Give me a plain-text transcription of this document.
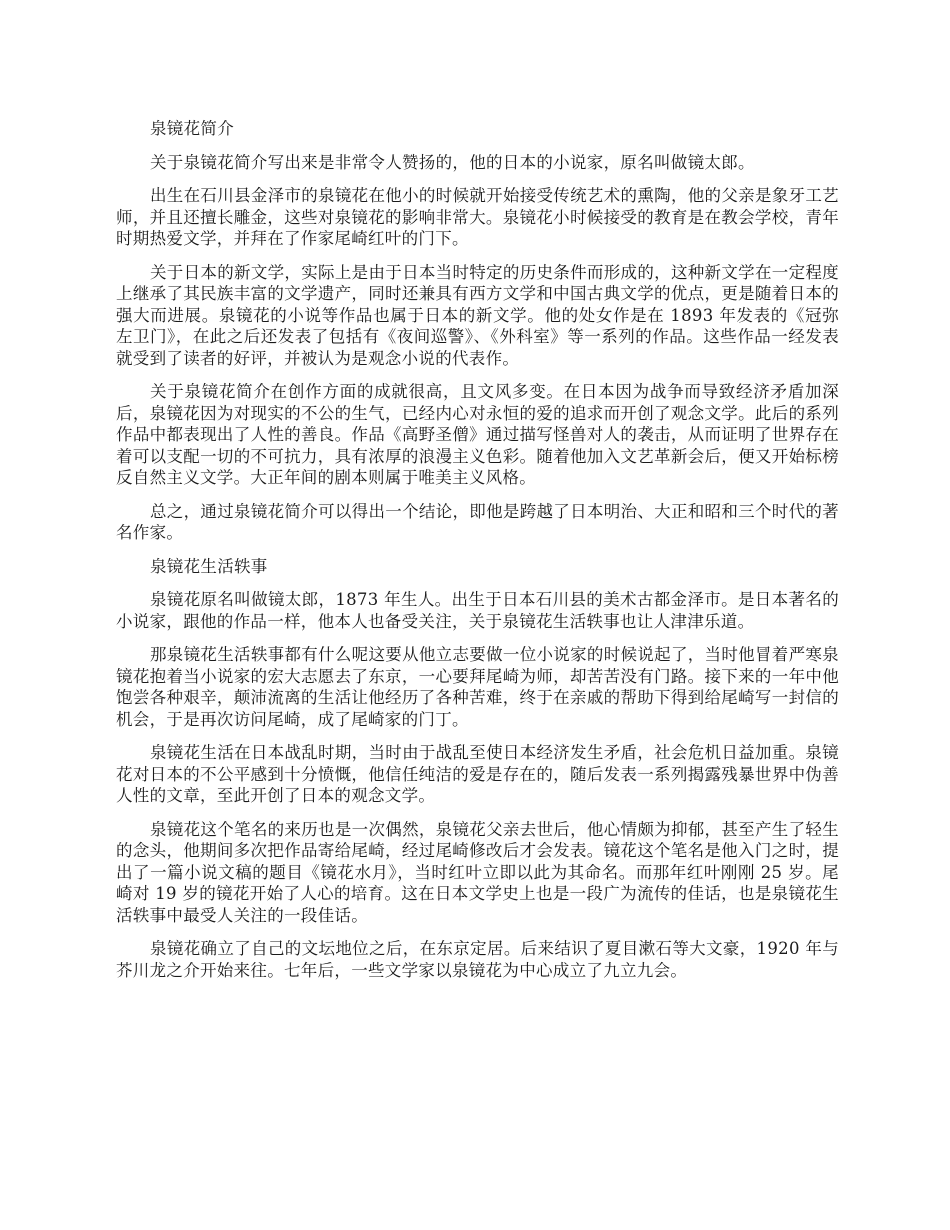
泉镜花简介

关于泉镜花简介写出来是非常令人赞扬的，他的日本的小说家，原名叫做镜太郎。

出生在石川县金泽市的泉镜花在他小的时候就开始接受传统艺术的熏陶，他的父亲是象牙工艺师，并且还擅长雕金，这些对泉镜花的影响非常大。泉镜花小时候接受的教育是在教会学校，青年时期热爱文学，并拜在了作家尾崎红叶的门下。

关于日本的新文学，实际上是由于日本当时特定的历史条件而形成的，这种新文学在一定程度上继承了其民族丰富的文学遗产，同时还兼具有西方文学和中国古典文学的优点，更是随着日本的强大而进展。泉镜花的小说等作品也属于日本的新文学。他的处女作是在 1893 年发表的《冠弥左卫门》，在此之后还发表了包括有《夜间巡警》、《外科室》等一系列的作品。这些作品一经发表就受到了读者的好评，并被认为是观念小说的代表作。

关于泉镜花简介在创作方面的成就很高，且文风多变。在日本因为战争而导致经济矛盾加深后，泉镜花因为对现实的不公的生气，已经内心对永恒的爱的追求而开创了观念文学。此后的系列作品中都表现出了人性的善良。作品《高野圣僧》通过描写怪兽对人的袭击，从而证明了世界存在着可以支配一切的不可抗力，具有浓厚的浪漫主义色彩。随着他加入文艺革新会后，便又开始标榜反自然主义文学。大正年间的剧本则属于唯美主义风格。

总之，通过泉镜花简介可以得出一个结论，即他是跨越了日本明治、大正和昭和三个时代的著名作家。

泉镜花生活轶事

泉镜花原名叫做镜太郎，1873 年生人。出生于日本石川县的美术古都金泽市。是日本著名的小说家，跟他的作品一样，他本人也备受关注，关于泉镜花生活轶事也让人津津乐道。

那泉镜花生活轶事都有什么呢这要从他立志要做一位小说家的时候说起了，当时他冒着严寒泉镜花抱着当小说家的宏大志愿去了东京，一心要拜尾崎为师，却苦苦没有门路。接下来的一年中他饱尝各种艰辛，颠沛流离的生活让他经历了各种苦难，终于在亲戚的帮助下得到给尾崎写一封信的机会，于是再次访问尾崎，成了尾崎家的门丁。

泉镜花生活在日本战乱时期，当时由于战乱至使日本经济发生矛盾，社会危机日益加重。泉镜花对日本的不公平感到十分愤慨，他信任纯洁的爱是存在的，随后发表一系列揭露残暴世界中伪善人性的文章，至此开创了日本的观念文学。

泉镜花这个笔名的来历也是一次偶然，泉镜花父亲去世后，他心情颇为抑郁，甚至产生了轻生的念头，他期间多次把作品寄给尾崎，经过尾崎修改后才会发表。镜花这个笔名是他入门之时，提出了一篇小说文稿的题目《镜花水月》，当时红叶立即以此为其命名。而那年红叶刚刚 25 岁。尾崎对 19 岁的镜花开始了人心的培育。这在日本文学史上也是一段广为流传的佳话，也是泉镜花生活轶事中最受人关注的一段佳话。

泉镜花确立了自己的文坛地位之后，在东京定居。后来结识了夏目漱石等大文豪，1920 年与芥川龙之介开始来往。七年后，一些文学家以泉镜花为中心成立了九立九会。
